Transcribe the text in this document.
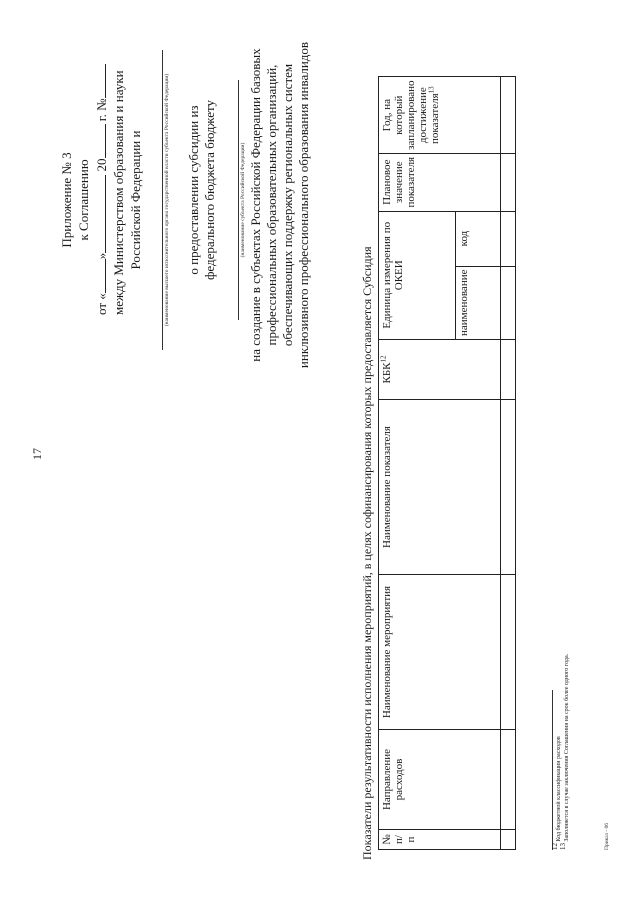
17
Приложение № 3 к Соглашению
от «» 20 г. №
между Министерством образования и науки Российской Федерации и	(наименование высшего исполнительного органа государственной власти субъекта Российской Федерации) о предоставлении субсидии из федерального бюджета бюджету	(наименование субъекта Российской Федерации) на создание в субъектах Российской Федерации базовых профессиональных образовательных организаций, обеспечивающих поддержку региональных систем инклюзивного профессионального образования инвалидов
Показатели результативности исполнения мероприятий, в целях софинансирования которых предоставляется Субсидия № п/п	Направление расходов	Наименование мероприятия	Наименование показателя	КБК$^{12}$	Единица измерения по ОКЕИ		Плановое значение показателя	Год, на который запланировано достижение показателя$^{13}$
					наименование	код		

$^{12}$ Код бюджетной классификации расходов
$^{13}$ Заполняется в случае заключения Соглашения на срок более одного года.	Приказ - 06
